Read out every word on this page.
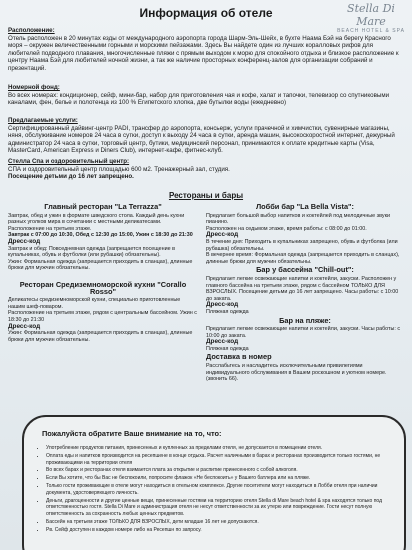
Stella Di Mare
BEACH HOTEL & SPA
Информация об отеле
Расположение:
Отель расположен в 20 минутах езды от международного аэропорта города Шарм-Эль-Шейх, в бухте Наама Бэй на берегу Красного моря – окружен величественными горными и морскими пейзажами. Здесь Вы найдете один из лучших коралловых рифов для любителей подводного плавания, многочисленные пляжи с прямым выходом к морю для спокойного отдыха и близкое расположение к центру Наама Бэй для любителей ночной жизни, а так же наличие просторных конференц-залов для организации собраний и презентаций.
Номерной фонд:
Во всех номерах: кондиционер, сейф, мини-бар, набор для приготовления чая и кофе, халат и тапочки, телевизор со спутниковыми каналами, фен, белье и полотенца из 100 % Египетского хлопка, две бутылки воды (ежедневно)
Предлагаемые услуги:
Сертифицированный дайвинг-центр PADI, трансфер до аэропорта, консьерж, услуги прачечной и химчистки, сувенирные магазины, няня, обслуживание номеров 24 часа в сутки, доступ к выходу 24 часа в сутки, аренда машин, высокоскоростной интернет, дежурный администратор 24 часа в сутки, торговый центр, бутики, медицинский персонал, принимаются к оплате кредитные карты (Visa, MasterCard, American Express и Diners Club), интернет-кафе, фитнес-клуб.
Стелла Спа и оздоровительный центр:
СПА и оздоровительный центр площадью 600 м2. Тренажерный зал, студия.
Посещение детьми до 16 лет запрещено.
Рестораны и бары
Главный ресторан "La Terrazza"
Завтрак, обед и ужин в формате шведского стола. Каждый день кухни разных уголков мира в сочетании с местными деликатесами.
Расположение на третьем этаже.
Завтрак с 07:00 до 10:30, Обед с 12:30 до 15:00, Ужин с 18:30 до 21:30
Дресс-код
Завтрак и обед: Повседневная одежда (запрещается посещение в купальниках, обувь и футболки (или рубашки) обязательны).
Ужин: Формальная одежда (запрещается приходить в сланцах), длинные брюки для мужчин обязательны.
Ресторан Средиземноморской кухни "Corallo Rosso"
Деликатесы средиземноморской кухни, специально приготовленные нашим шеф-поваром.
Расположение на третьем этаже, рядом с центральным бассейном. Ужин с 18:30 до 21:30
Дресс-код
Ужин: Формальная одежда (запрещается приходить в сланцах), длинные брюки для мужчин обязательны.
Лобби бар "La Bella Vista":
Предлагает большой выбор напитков и коктейлей под мелодичные звуки пианино.
Расположен на седьмом этаже, время работы: с 08:00 до 01:00.
Дресс-код
В течение дня: Приходить в купальниках запрещено, обувь и футболка (или рубашка) обязательны.
В вечернее время: Формальная одежда (запрещается приходить в сланцах), длинные брюки для мужчин обязательны.
Бар у бассейна "Chill-out":
Предлагает легкие освежающие напитки и коктейли, закуски. Расположен у главного бассейна на третьем этаже, рядом с бассейном ТОЛЬКО ДЛЯ ВЗРОСЛЫХ. Посещение детьми до 16 лет запрещено. Часы работы: с 10:00 до заката.
Дресс-код
Пляжная одежда
Бар на пляже:
Предлагает легкие освежающие напитки и коктейли, закуски. Часы работы: с 10:00 до заката.
Дресс-код
Пляжная одежда
Доставка в номер
Расслабьтесь и насладитесь исключительными привилегиями индивидуального обслуживания в Вашем роскошном и уютном номере. (звонить 66).
Пожалуйста обратите Ваше внимание на то, что:
• Употребление продуктов питания, принесенных и купленных за пределами отеля, не допускается в помещении отеля.
• Оплата еды и напитков производится на ресепшене в конце отдыха. Расчет наличными в барах и ресторанах производится только гостями, не проживающими на территории отеля
• Во всех барах и ресторанах отеля взимается плата за открытие и распитие принесенного с собой алкоголя.
• Если Вы хотите, что бы Вас не беспокоили, попросите флажок «Не беспокоить» у Вашего батлера или на пляже.
• Только гости проживающие в отеле могут находиться в отельном комплексе. Другие посетители могут находиться в Лобби отеля при наличии документа, удостоверяющего личность.
• Деньги, драгоценности и другие ценные вещи, принесенные гостями на территорию отеля Stella di Mare beach hotel & spa находятся только под ответственностью гостя. Stella Di Mare и администрация отеля не несут ответственности за их утерю или повреждение. Гости несут полную ответственность за сохранность любых ценных предметов.
• Бассейн на третьем этаже ТОЛЬКО ДЛЯ ВЗРОСЛЫХ, дети младше 16 лет не допускаются.
• Рв. Сейф доступен в каждом номере либо на Ресепшн по запросу.
